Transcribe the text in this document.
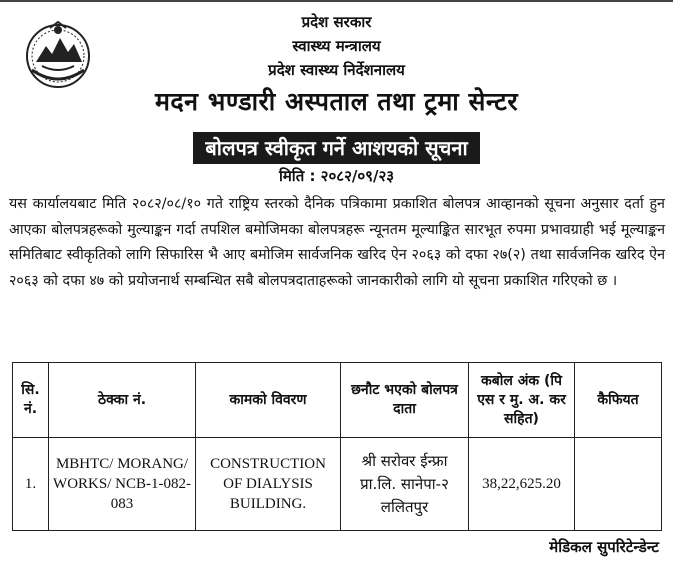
प्रदेश सरकार
स्वास्थ्य मन्त्रालय
प्रदेश स्वास्थ्य निर्देशनालय
मदन भण्डारी अस्पताल तथा ट्रमा सेन्टर
बोलपत्र स्वीकृत गर्ने आशयको सूचना
मिति : २०८२/०९/२३
यस कार्यालयबाट मिति २०८२/०८/१० गते राष्ट्रिय स्तरको दैनिक पत्रिकामा प्रकाशित बोलपत्र आव्हानको सूचना अनुसार दर्ता हुन आएका बोलपत्रहरूको मुल्याङ्कन गर्दा तपशिल बमोजिमका बोलपत्रहरू न्यूनतम मूल्याङ्कित सारभूत रुपमा प्रभावग्राही भई मूल्याङ्कन समितिबाट स्वीकृतिको लागि सिफारिस भै आए बमोजिम सार्वजनिक खरिद ऐन २०६३ को दफा २७(२) तथा सार्वजनिक खरिद ऐन २०६३ को दफा ४७ को प्रयोजनार्थ सम्बन्धित सबै बोलपत्रदाताहरूको जानकारीको लागि यो सूचना प्रकाशित गरिएको छ ।
सि. नं.	ठेक्का नं.	कामको विवरण	छनौट भएको बोलपत्र दाता	कबोल अंक (पि एस र मु. अ. कर सहित)	कैफियत
1.	MBHTC/ MORANG/ WORKS/ NCB-1-082-083	CONSTRUCTION OF DIALYSIS BUILDING.	श्री सरोवर ईन्फ्रा प्रा.लि. सानेपा-२ ललितपुर	38,22,625.20	
मेडिकल सुपरिटेन्डेन्ट
